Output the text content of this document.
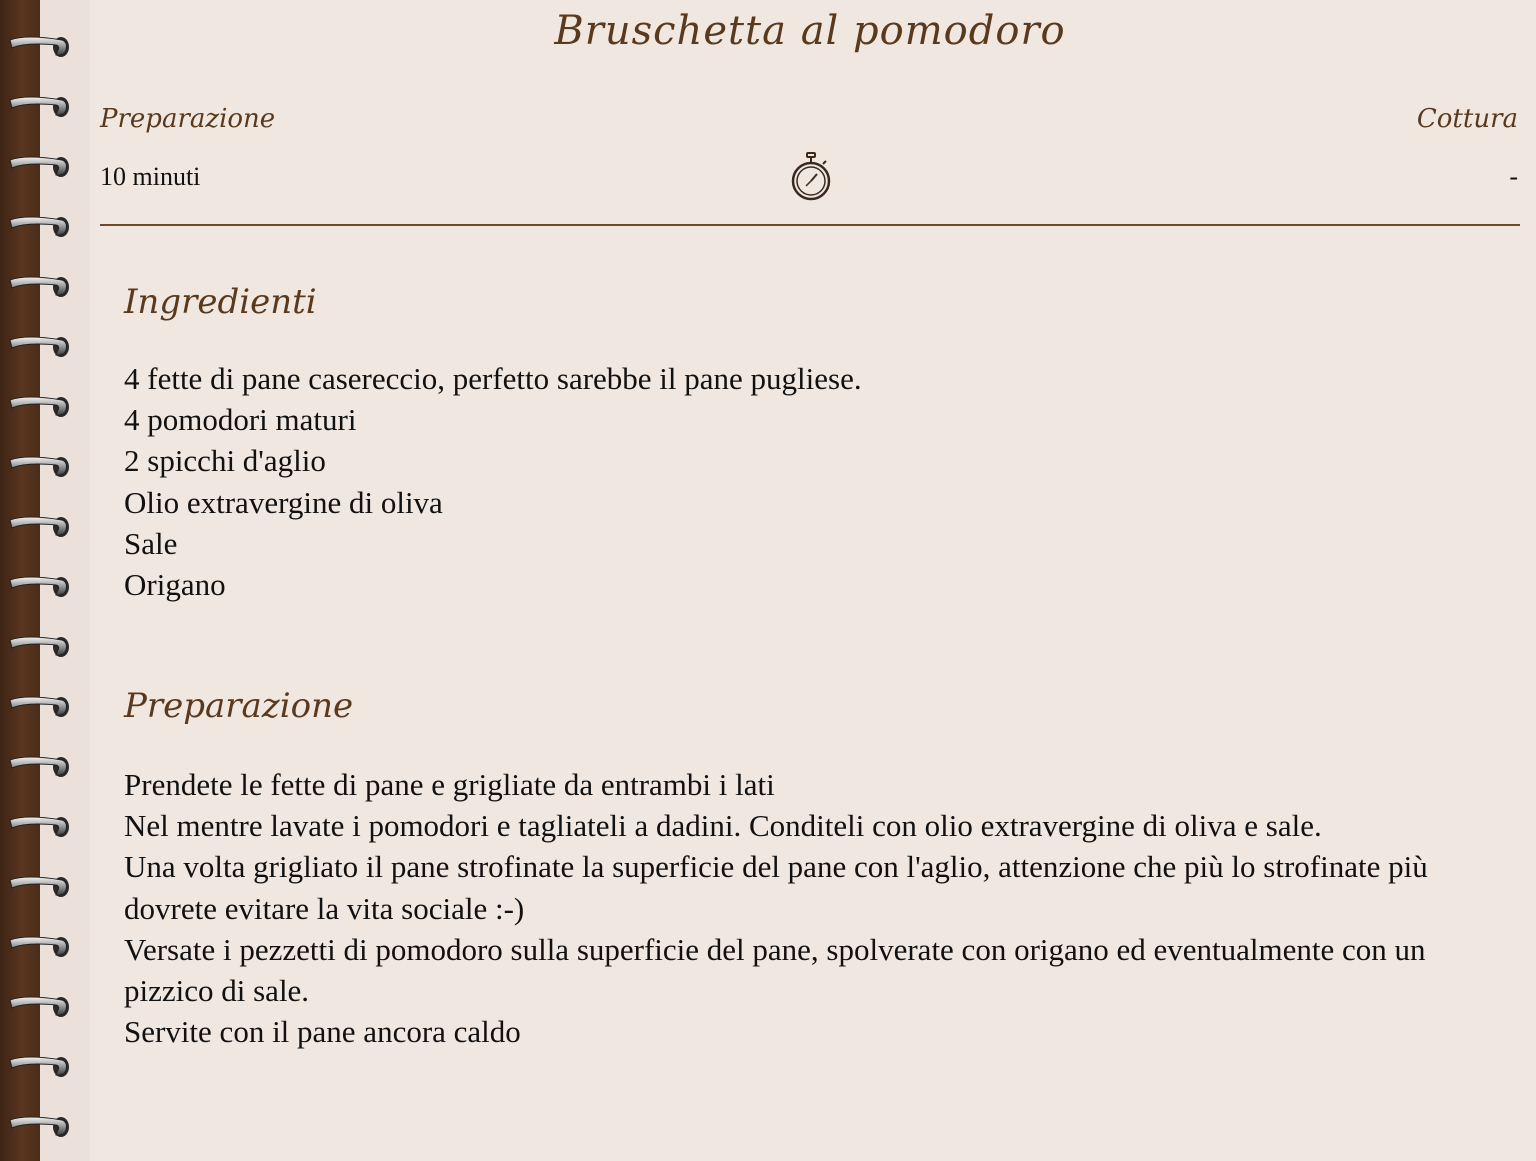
Bruschetta al pomodoro
Preparazione	Cottura
10 minuti	-
Ingredienti
4 fette di pane casereccio, perfetto sarebbe il pane pugliese.
4 pomodori maturi
2 spicchi d'aglio
Olio extravergine di oliva
Sale
Origano
Preparazione
Prendete le fette di pane e grigliate da entrambi i lati
Nel mentre lavate i pomodori e tagliateli a dadini. Conditeli con olio extravergine di oliva e sale.
Una volta grigliato il pane strofinate la superficie del pane con l'aglio, attenzione che più lo strofinate più dovrete evitare la vita sociale :-)
Versate i pezzetti di pomodoro sulla superficie del pane, spolverate con origano ed eventualmente con un pizzico di sale.
Servite con il pane ancora caldo
